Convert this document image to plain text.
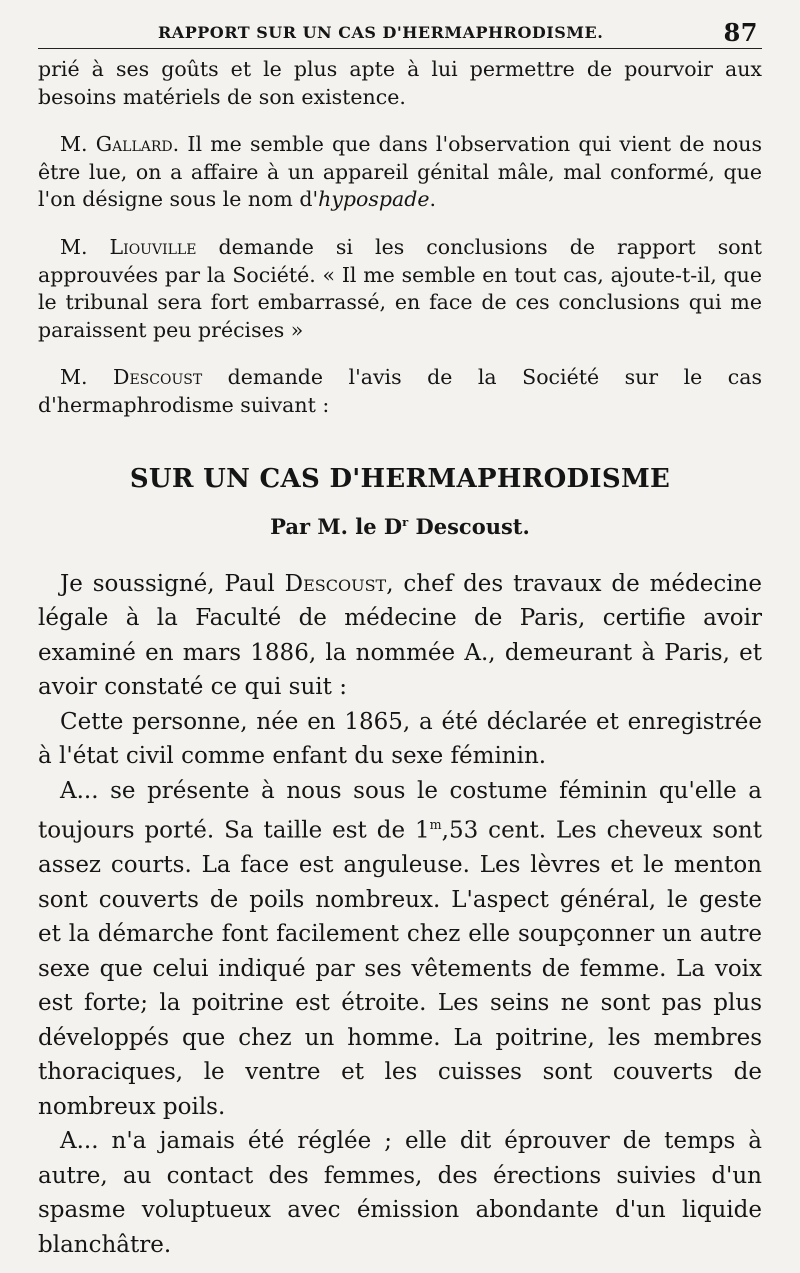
RAPPORT SUR UN CAS D'HERMAPHRODISME.	87

prié à ses goûts et le plus apte à lui permettre de pourvoir aux besoins matériels de son existence.

M. Gallard. Il me semble que dans l'observation qui vient de nous être lue, on a affaire à un appareil génital mâle, mal conformé, que l'on désigne sous le nom d'hypospade.

M. Liouville demande si les conclusions de rapport sont approuvées par la Société. « Il me semble en tout cas, ajoute-t-il, que le tribunal sera fort embarrassé, en face de ces conclusions qui me paraissent peu précises »

M. Descoust demande l'avis de la Société sur le cas d'hermaphrodisme suivant :

SUR UN CAS D'HERMAPHRODISME

Par M. le $D^r$ Descoust.

Je soussigné, Paul Descoust, chef des travaux de médecine légale à la Faculté de médecine de Paris, certifie avoir examiné en mars 1886, la nommée A., demeurant à Paris, et avoir constaté ce qui suit :

Cette personne, née en 1865, a été déclarée et enregistrée à l'état civil comme enfant du sexe féminin.

A... se présente à nous sous le costume féminin qu'elle a toujours porté. Sa taille est de 1$^m$,53 cent. Les cheveux sont assez courts. La face est anguleuse. Les lèvres et le menton sont couverts de poils nombreux. L'aspect général, le geste et la démarche font facilement chez elle soupçonner un autre sexe que celui indiqué par ses vêtements de femme. La voix est forte; la poitrine est étroite. Les seins ne sont pas plus développés que chez un homme. La poitrine, les membres thoraciques, le ventre et les cuisses sont couverts de nombreux poils.

A... n'a jamais été réglée ; elle dit éprouver de temps à autre, au contact des femmes, des érections suivies d'un spasme voluptueux avec émission abondante d'un liquide blanchâtre.
